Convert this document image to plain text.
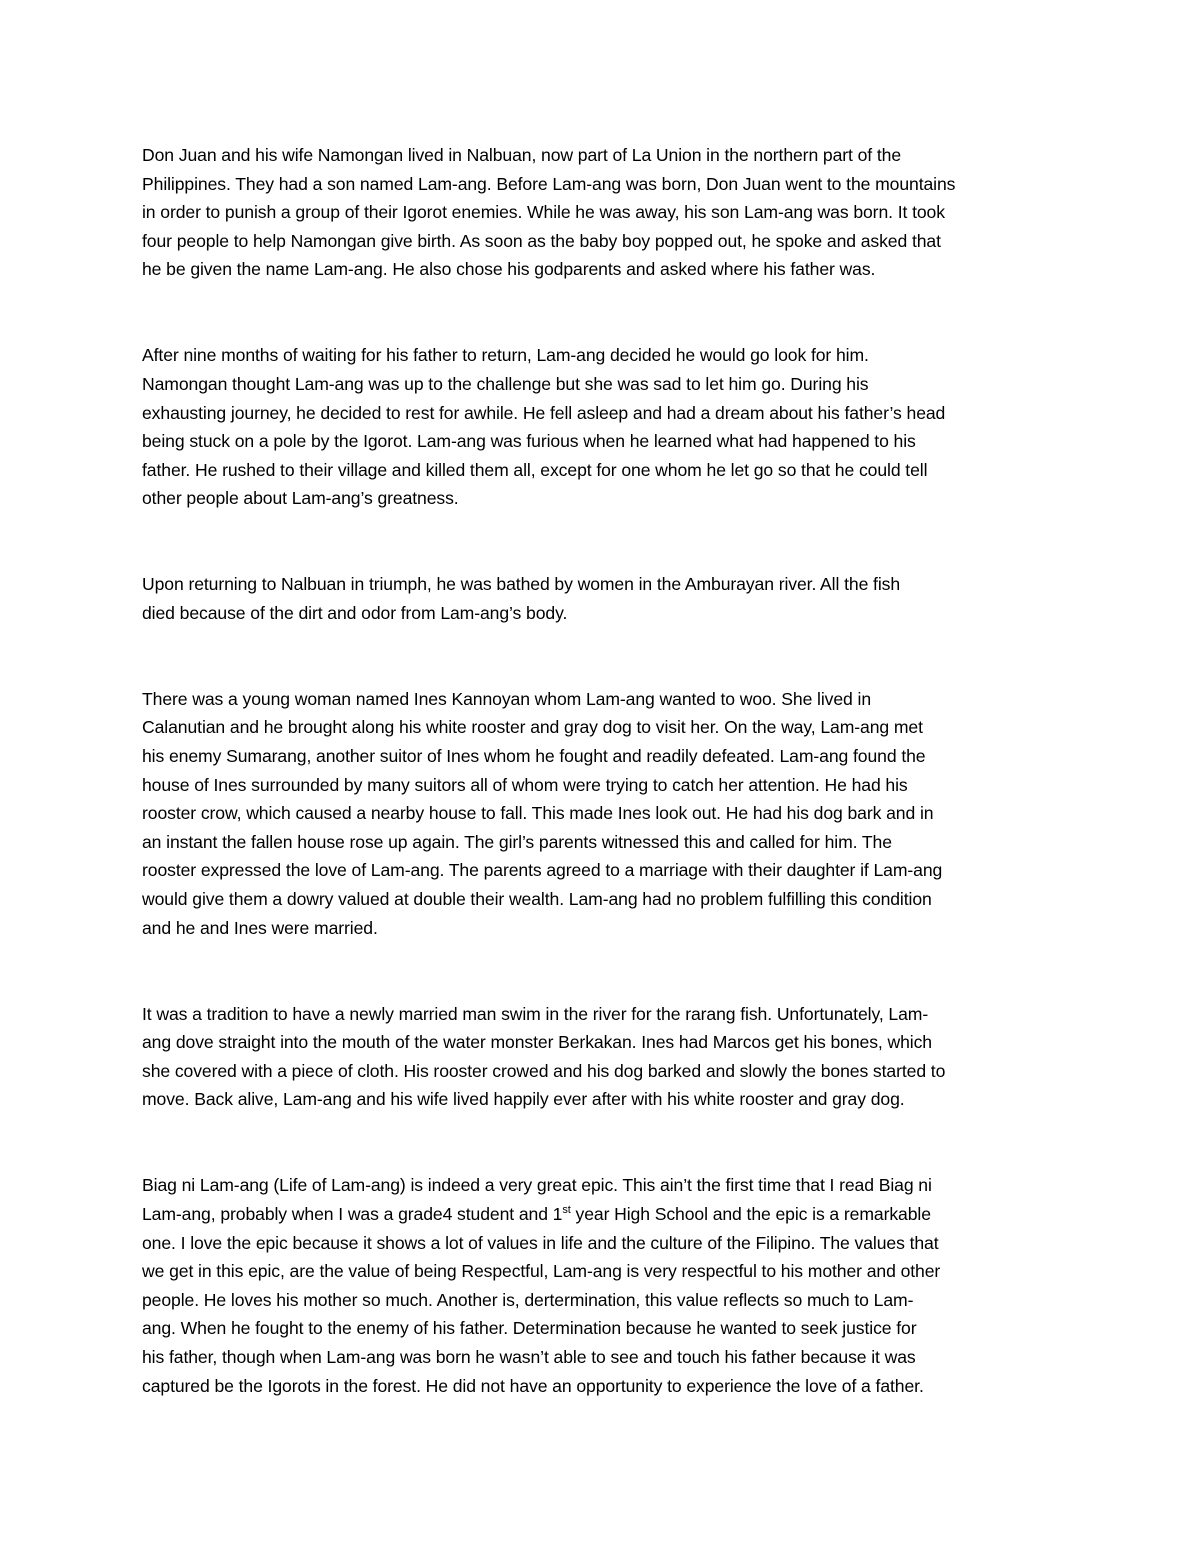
Don Juan and his wife Namongan lived in Nalbuan, now part of La Union in the northern part of the
Philippines. They had a son named Lam-ang. Before Lam-ang was born, Don Juan went to the mountains
in order to punish a group of their Igorot enemies. While he was away, his son Lam-ang was born. It took
four people to help Namongan give birth. As soon as the baby boy popped out, he spoke and asked that
he be given the name Lam-ang. He also chose his godparents and asked where his father was.

After nine months of waiting for his father to return, Lam-ang decided he would go look for him.
Namongan thought Lam-ang was up to the challenge but she was sad to let him go. During his
exhausting journey, he decided to rest for awhile. He fell asleep and had a dream about his father’s head
being stuck on a pole by the Igorot. Lam-ang was furious when he learned what had happened to his
father. He rushed to their village and killed them all, except for one whom he let go so that he could tell
other people about Lam-ang’s greatness.

Upon returning to Nalbuan in triumph, he was bathed by women in the Amburayan river. All the fish
died because of the dirt and odor from Lam-ang’s body.

There was a young woman named Ines Kannoyan whom Lam-ang wanted to woo. She lived in
Calanutian and he brought along his white rooster and gray dog to visit her. On the way, Lam-ang met
his enemy Sumarang, another suitor of Ines whom he fought and readily defeated. Lam-ang found the
house of Ines surrounded by many suitors all of whom were trying to catch her attention. He had his
rooster crow, which caused a nearby house to fall. This made Ines look out. He had his dog bark and in
an instant the fallen house rose up again. The girl’s parents witnessed this and called for him. The
rooster expressed the love of Lam-ang. The parents agreed to a marriage with their daughter if Lam-ang
would give them a dowry valued at double their wealth. Lam-ang had no problem fulfilling this condition
and he and Ines were married.

It was a tradition to have a newly married man swim in the river for the rarang fish. Unfortunately, Lam-
ang dove straight into the mouth of the water monster Berkakan. Ines had Marcos get his bones, which
she covered with a piece of cloth. His rooster crowed and his dog barked and slowly the bones started to
move. Back alive, Lam-ang and his wife lived happily ever after with his white rooster and gray dog.

Biag ni Lam-ang (Life of Lam-ang) is indeed a very great epic. This ain’t the first time that I read Biag ni
Lam-ang, probably when I was a grade4 student and 1st year High School and the epic is a remarkable
one. I love the epic because it shows a lot of values in life and the culture of the Filipino. The values that
we get in this epic, are the value of being Respectful, Lam-ang is very respectful to his mother and other
people. He loves his mother so much. Another is, dertermination, this value reflects so much to Lam-
ang. When he fought to the enemy of his father. Determination because he wanted to seek justice for
his father, though when Lam-ang was born he wasn’t able to see and touch his father because it was
captured be the Igorots in the forest. He did not have an opportunity to experience the love of a father.
